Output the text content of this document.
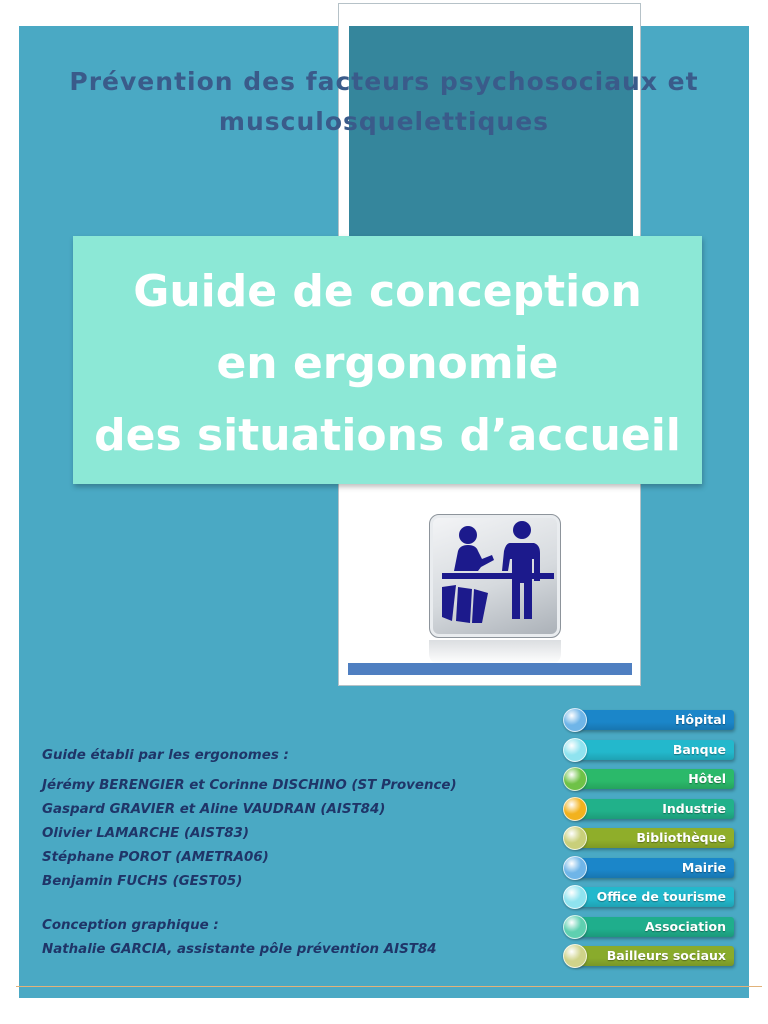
Prévention des facteurs psychosociaux et
musculosquelettiques
Guide de conception
en ergonomie
des situations d’accueil
Guide établi par les ergonomes :
Jérémy BERENGIER et Corinne DISCHINO (ST Provence)
Gaspard GRAVIER et Aline VAUDRAN (AIST84)
Olivier LAMARCHE (AIST83)
Stéphane POROT (AMETRA06)
Benjamin FUCHS (GEST05)
Conception graphique :
Nathalie GARCIA, assistante pôle prévention AIST84
Hôpital
Banque
Hôtel
Industrie
Bibliothèque
Mairie
Office de tourisme
Association
Bailleurs sociaux
